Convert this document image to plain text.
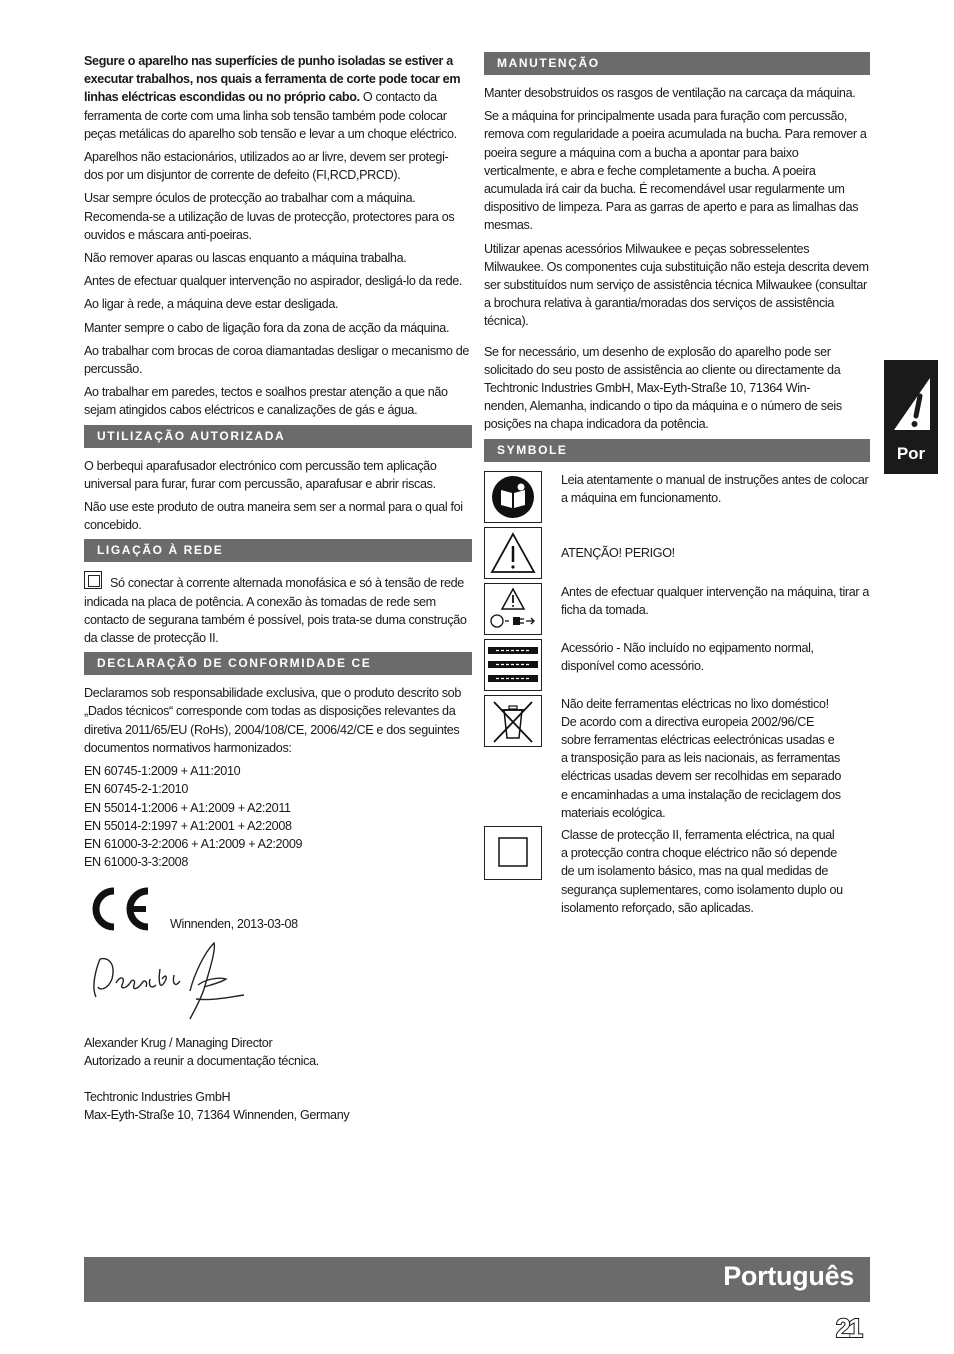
Segure o aparelho nas superfícies de punho isoladas se estiver a executar trabalhos, nos quais a ferramenta de corte pode tocar em linhas eléctricas escondidas ou no próprio cabo. O contacto da ferramenta de corte com uma linha sob tensão também pode colocar peças metálicas do aparelho sob tensão e levar a um choque eléctrico.
Aparelhos não estacionários, utilizados ao ar livre, devem ser protegi-
dos por um disjuntor de corrente de defeito (FI,RCD,PRCD).
Usar sempre óculos de protecção ao trabalhar com a máquina. Recomenda-se a utilização de luvas de protecção, protectores para os ouvidos e máscara anti-poeiras.
Não remover aparas ou lascas enquanto a máquina trabalha.
Antes de efectuar qualquer intervenção no aspirador, desligá-lo da rede.
Ao ligar à rede, a máquina deve estar desligada.
Manter sempre o cabo de ligação fora da zona de acção da máquina.
Ao trabalhar com brocas de coroa diamantadas desligar o mecanismo de percussão.
Ao trabalhar em paredes, tectos e soalhos prestar atenção a que não sejam atingidos cabos eléctricos e canalizações de gás e água.
UTILIZAÇÃO AUTORIZADA
O berbequi aparafusador electrónico com percussão tem aplicação universal para furar, furar com percussão, aparafusar e abrir riscas.
Não use este produto de outra maneira sem ser a normal para o qual foi concebido.
LIGAÇÃO À REDE
Só conectar à corrente alternada monofásica e só à tensão de rede indicada na placa de potência. A conexão às tomadas de rede sem contacto de segurana também é possível, pois trata-se duma construção da classe de protecção II.
DECLARAÇÃO DE CONFORMIDADE CE
Declaramos sob responsabilidade exclusiva, que o produto descrito sob „Dados técnicos“ corresponde com todas as disposições relevantes da diretiva 2011/65/EU (RoHs), 2004/108/CE, 2006/42/CE e dos seguintes documentos normativos harmonizados:
EN 60745-1:2009 + A11:2010
EN 60745-2-1:2010
EN 55014-1:2006 + A1:2009 + A2:2011
EN 55014-2:1997 + A1:2001 + A2:2008
EN 61000-3-2:2006 + A1:2009 + A2:2009
EN 61000-3-3:2008
Winnenden, 2013-03-08
Alexander Krug / Managing Director
Autorizado a reunir a documentação técnica.
Techtronic Industries GmbH
Max-Eyth-Straße 10, 71364 Winnenden, Germany
MANUTENÇÃO
Manter desobstruidos os rasgos de ventilação na carcaça da máquina.
Se a máquina for principalmente usada para furação com percussão, remova com regularidade a poeira acumulada na bucha. Para remover a poeira segure a máquina com a bucha a apontar para baixo verticalmente, e abra e feche completamente a bucha. A poeira acumulada irá cair da bucha. É recomendável usar regularmente um dispositivo de limpeza. Para as garras de aperto e para as limalhas das mesmas.
Utilizar apenas acessórios Milwaukee e peças sobresselentes Milwaukee. Os componentes cuja substituição não esteja descrita devem ser substituídos num serviço de assistência técnica Milwaukee (consultar a brochura relativa à garantia/moradas dos serviços de assistência técnica).
Se for necessário, um desenho de explosão do aparelho pode ser solicitado do seu posto de assistência ao cliente ou directamente da Techtronic Industries GmbH, Max-Eyth-Straße 10, 71364 Win-
nenden, Alemanha, indicando o tipo da máquina e o número de seis posições na chapa indicadora da potência.
SYMBOLE
Leia atentamente o manual de instruções antes de colocar a máquina em funcionamento.
ATENÇÃO! PERIGO!
Antes de efectuar qualquer intervenção na máquina, tirar a ficha da tomada.
Acessório - Não incluído no eqipamento normal, disponível como acessório.
Não deite ferramentas eléctricas no lixo doméstico!
De acordo com a directiva europeia 2002/96/CE
sobre ferramentas eléctricas eelectrónicas usadas e
a transposição para as leis nacionais, as ferramentas
eléctricas usadas devem ser recolhidas em separado
e encaminhadas a uma instalação de reciclagem dos
materiais ecológica.
Classe de protecção II, ferramenta eléctrica, na qual
a protecção contra choque eléctrico não só depende
de um isolamento básico, mas na qual medidas de
segurança suplementares, como isolamento duplo ou
isolamento reforçado, são aplicadas.
Por
Português
21
